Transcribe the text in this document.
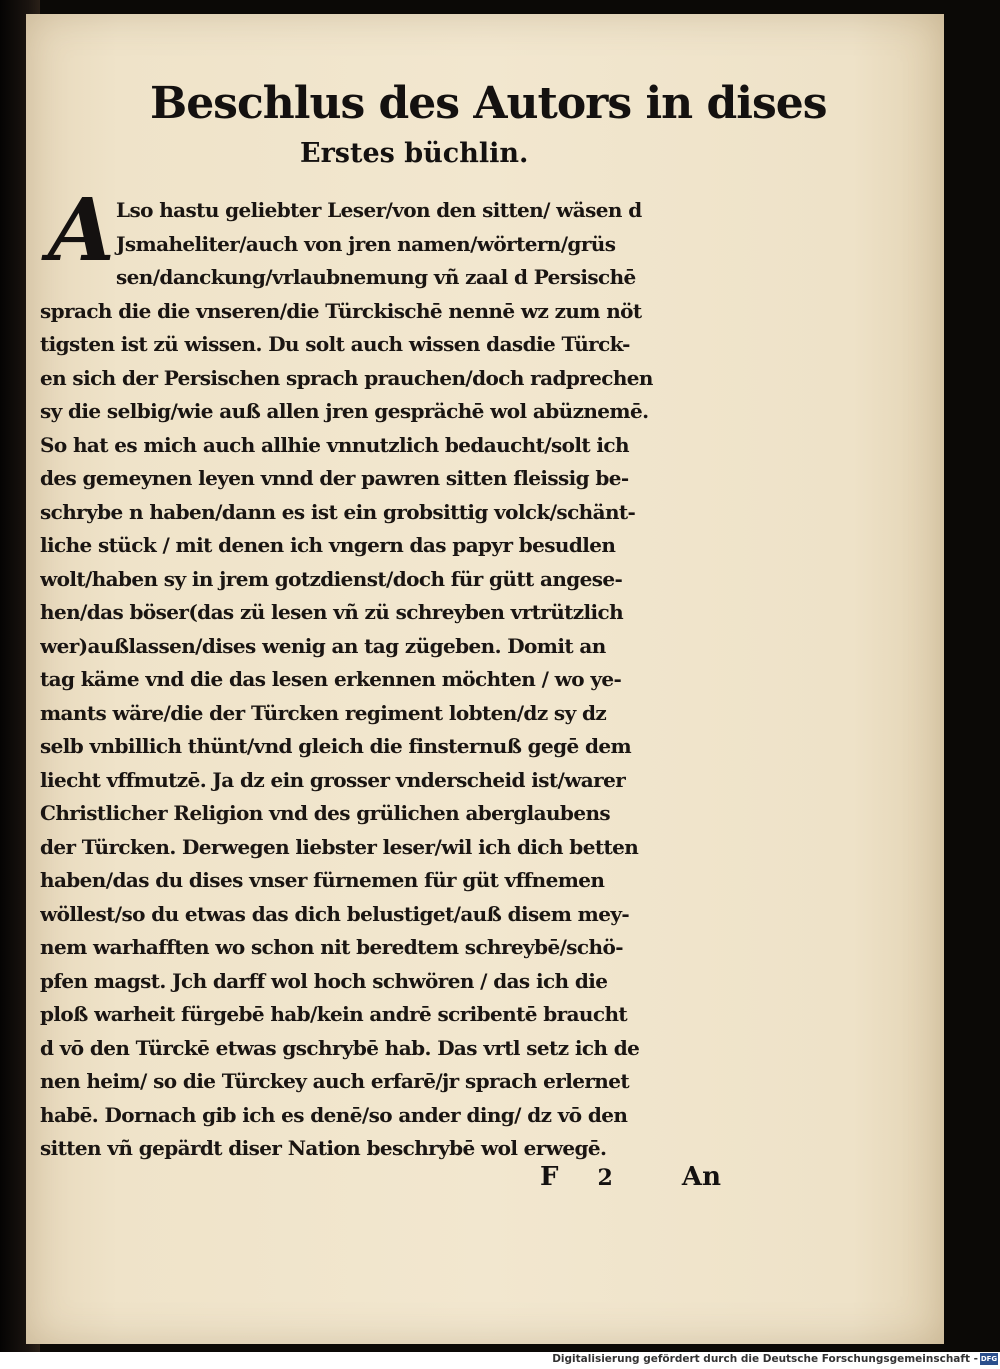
Beschlus des Autors in dises
Erstes büchlin.
A Lso hastu geliebter Leser/von den sitten/ wäsen d
Jsmaheliter/auch von jren namen/wörtern/grüs
sen/danckung/vrlaubnemung vñ zaal d Persischē
sprach die die vnseren/die Türckischē nennē wz zum nöt
tigsten ist zü wissen. Du solt auch wissen dasdie Türck-
en sich der Persischen sprach prauchen/doch radprechen
sy die selbig/wie auß allen jren gesprächē wol abüznemē.
So hat es mich auch allhie vnnutzlich bedaucht/solt ich
des gemeynen leyen vnnd der pawren sitten fleissig be-
schrybe n haben/dann es ist ein grobsittig volck/schänt-
liche stück / mit denen ich vngern das papyr besudlen
wolt/haben sy in jrem gotzdienst/doch für gütt angese-
hen/das böser(das zü lesen vñ zü schreyben vrtrützlich
wer)außlassen/dises wenig an tag zügeben. Domit an
tag käme vnd die das lesen erkennen möchten / wo ye-
mants wäre/die der Türcken regiment lobten/dz sy dz
selb vnbillich thünt/vnd gleich die finsternuß gegē dem
liecht vffmutzē. Ja dz ein grosser vnderscheid ist/warer
Christlicher Religion vnd des grülichen aberglaubens
der Türcken. Derwegen liebster leser/wil ich dich betten
haben/das du dises vnser fürnemen für güt vffnemen
wöllest/so du etwas das dich belustiget/auß disem mey-
nem warhafften wo schon nit beredtem schreybē/schö-
pfen magst. Jch darff wol hoch schwören / das ich die
ploß warheit fürgebē hab/kein andrē scribentē braucht
d vō den Türckē etwas gschrybē hab. Das vrtl setz ich de
nen heim/ so die Türckey auch erfarē/jr sprach erlernet
habē. Dornach gib ich es denē/so ander ding/ dz vō den
sitten vñ gepärdt diser Nation beschrybē wol erwegē.
F 2	An
Digitalisierung gefördert durch die Deutsche Forschungsgemeinschaft - DFG
